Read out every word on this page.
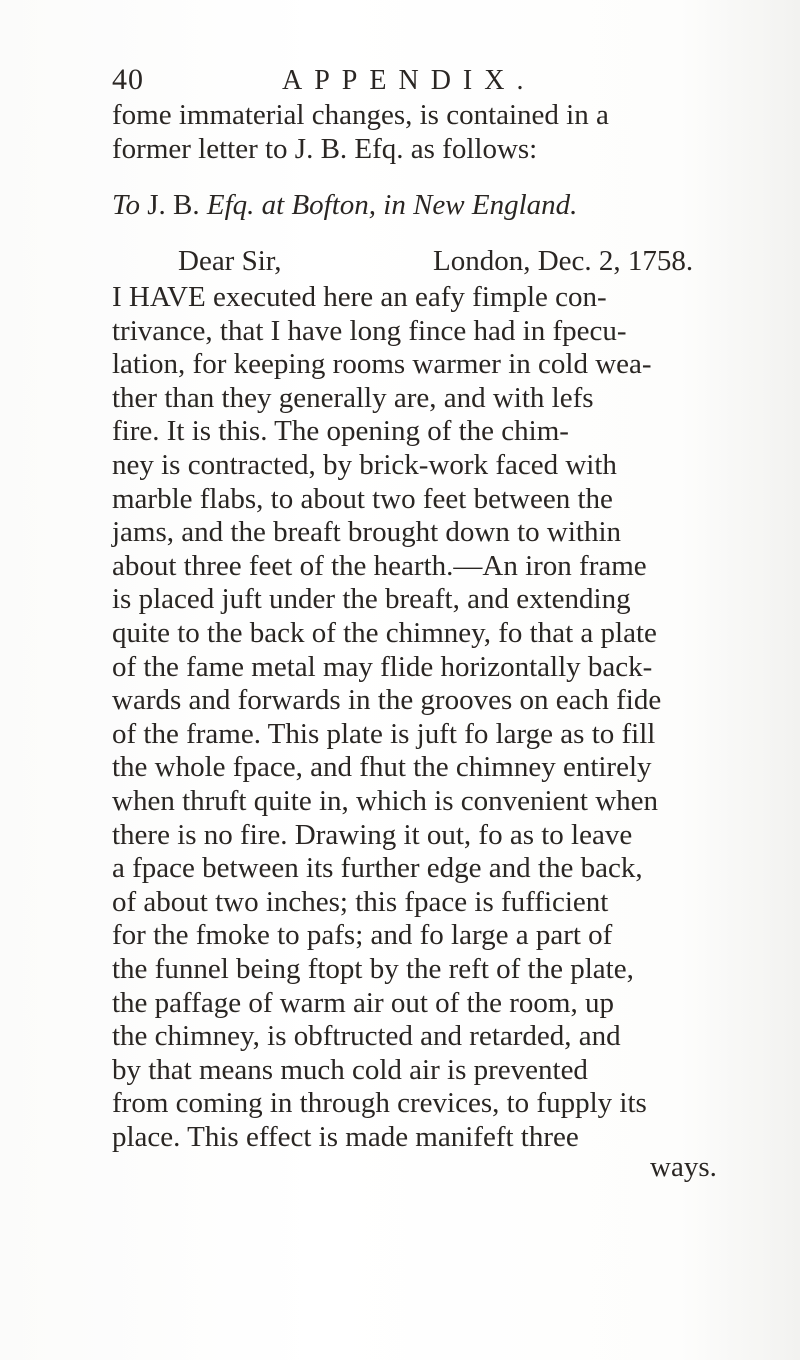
40	APPENDIX.
fome immaterial changes, is contained in a
former letter to J. B. Efq. as follows:
To J. B. Efq. at Bofton, in New England.
Dear Sir,	London, Dec. 2, 1758.
I HAVE executed here an eafy fimple con-
trivance, that I have long fince had in fpecu-
lation, for keeping rooms warmer in cold wea-
ther than they generally are, and with lefs
fire. It is this. The opening of the chim-
ney is contracted, by brick-work faced with
marble flabs, to about two feet between the
jams, and the breaft brought down to within
about three feet of the hearth.—An iron frame
is placed juft under the breaft, and extending
quite to the back of the chimney, fo that a plate
of the fame metal may flide horizontally back-
wards and forwards in the grooves on each fide
of the frame. This plate is juft fo large as to fill
the whole fpace, and fhut the chimney entirely
when thruft quite in, which is convenient when
there is no fire. Drawing it out, fo as to leave
a fpace between its further edge and the back,
of about two inches; this fpace is fufficient
for the fmoke to pafs; and fo large a part of
the funnel being ftopt by the reft of the plate,
the paffage of warm air out of the room, up
the chimney, is obftructed and retarded, and
by that means much cold air is prevented
from coming in through crevices, to fupply its
place. This effect is made manifeft three
ways.
